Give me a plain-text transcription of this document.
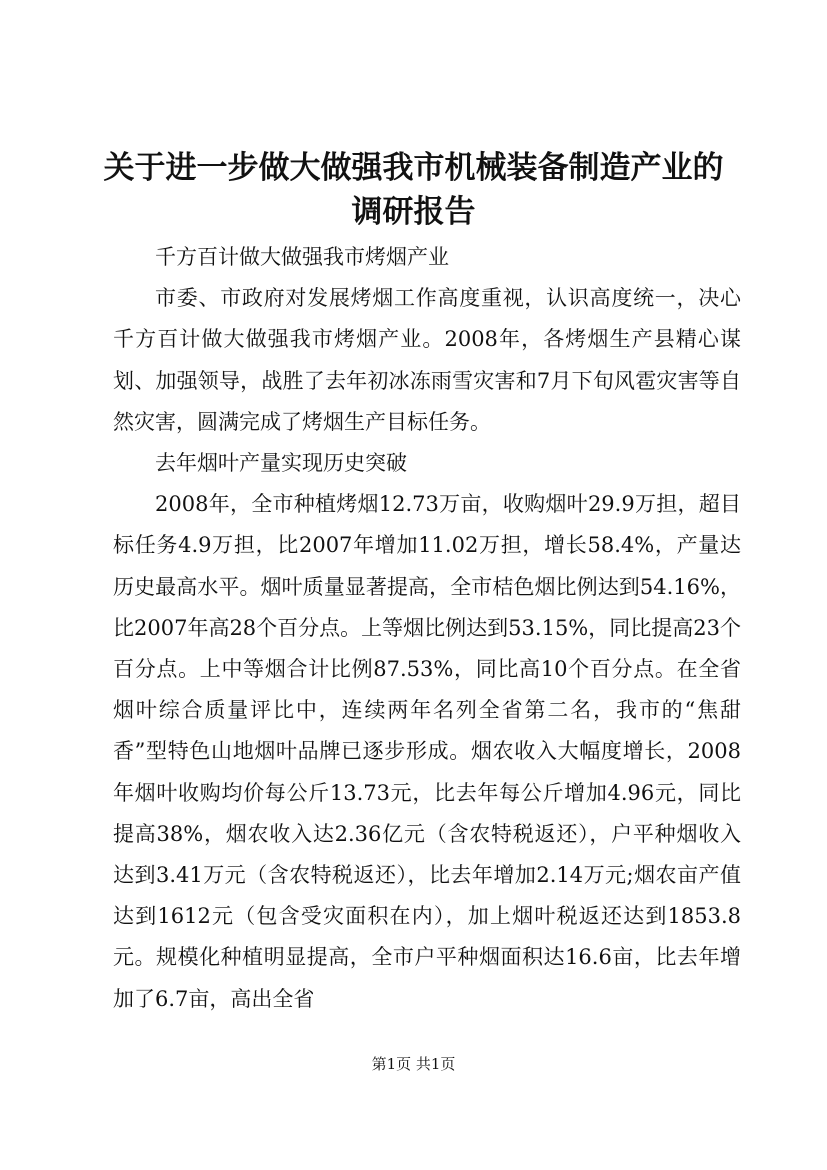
关于进一步做大做强我市机械装备制造产业的调研报告

千方百计做大做强我市烤烟产业

市委、市政府对发展烤烟工作高度重视，认识高度统一，决心千方百计做大做强我市烤烟产业。2008年，各烤烟生产县精心谋划、加强领导，战胜了去年初冰冻雨雪灾害和7月下旬风雹灾害等自然灾害，圆满完成了烤烟生产目标任务。

去年烟叶产量实现历史突破

2008年，全市种植烤烟12.73万亩，收购烟叶29.9万担，超目标任务4.9万担，比2007年增加11.02万担，增长58.4%，产量达历史最高水平。烟叶质量显著提高，全市桔色烟比例达到54.16%，比2007年高28个百分点。上等烟比例达到53.15%，同比提高23个百分点。上中等烟合计比例87.53%，同比高10个百分点。在全省烟叶综合质量评比中，连续两年名列全省第二名，我市的“焦甜香”型特色山地烟叶品牌已逐步形成。烟农收入大幅度增长，2008年烟叶收购均价每公斤13.73元，比去年每公斤增加4.96元，同比提高38%，烟农收入达2.36亿元（含农特税返还），户平种烟收入达到3.41万元（含农特税返还），比去年增加2.14万元;烟农亩产值达到1612元（包含受灾面积在内），加上烟叶税返还达到1853.8元。规模化种植明显提高，全市户平种烟面积达16.6亩，比去年增加了6.7亩，高出全省

第1页 共1页
